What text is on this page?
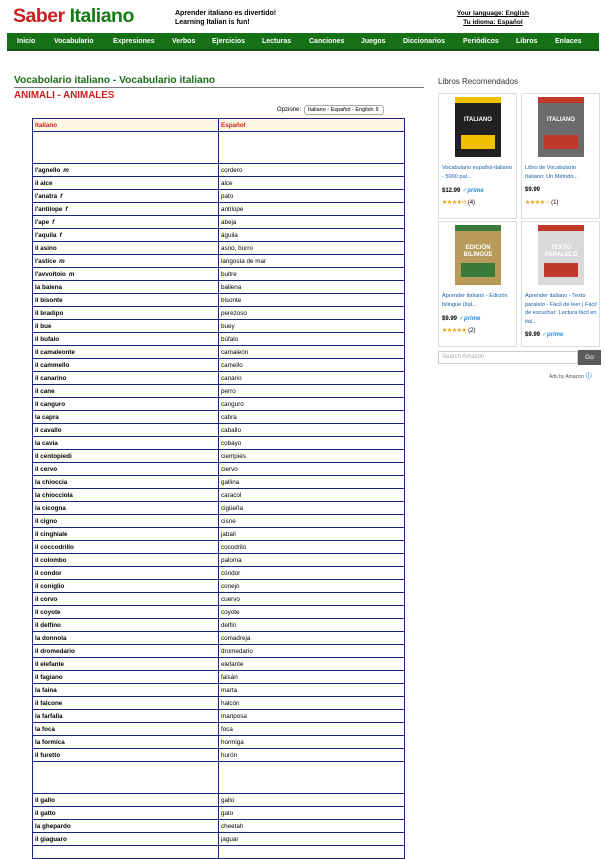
Saber Italiano	Aprender italiano es divertido!
Learning Italian is fun!
Your language: English
Tu idioma: Español
Inicio	Vocabulario	Expresiones Verbos Ejercicios Lecturas	Canciones Juegos Diccionarios	Periódicos Libros	Enlaces
Vocabolario italiano - Vocabulario italiano
ANIMALI - ANIMALES
Opzione: Italiano - Español - English ⇕
Italiano	Español

l'agnello m	cordero
il alce	alce
l'anatra f	pato
l'antilope f	antílope
l'ape f	abeja
l'aquila f	águila
il asino	asno, burro
l'astice m	langosta de mar
l'avvoltoio m	buitre
la balena	ballena
il bisonte	bisonte
il bradipo	perezoso
il bue	buey
il bufalo	búfalo
il camaleonte	camaleón
il cammello	camello
il canarino	canario
il cane	perro
il canguro	canguro
la capra	cabra
il cavallo	caballo
la cavia	cobayo
il centopiedi	ciempiés
il cervo	ciervo
la chioccia	gallina
la chiocciola	caracol
la cicogna	cigüeña
il cigno	cisne
il cinghiale	jabalí
il coccodrillo	cocodrilo
il colombo	paloma
il condor	cóndor
il coniglio	conejo
il corvo	cuervo
il coyote	coyote
il delfino	delfín
la donnola	comadreja
il dromedario	dromedario
il elefante	elefante
il fagiano	faisán
la faina	marta
il falcone	halcón
la farfalla	mariposa
la foca	foca
la formica	hormiga
il furetto	hurón

il gallo	gallo
il gatto	gato
la ghepardo	cheetah
il giaguaro	jaguar

Libros Recomendados
ITALIANO
Vocabulario español-italiano - 5000 pal...
$12.99 ✓prime
★★★★½ (4)
ITALIANO
Libro de Vocabulario Italiano: Un Método...
$9.99
★★★★☆ (1)
EDICIÓN BILINGÜE
Aprender italiano - Edición bilingüe (Ital...
$9.99 ✓prime
★★★★★ (2)
TEXTO PARALELO
Aprender italiano - Texto paralelo - Fácil de leer | Fácil de escuchar: Lectura fácil en ital...
$9.99 ✓prime
Search Amazon	Go
Ads by Amazon ⓘ
